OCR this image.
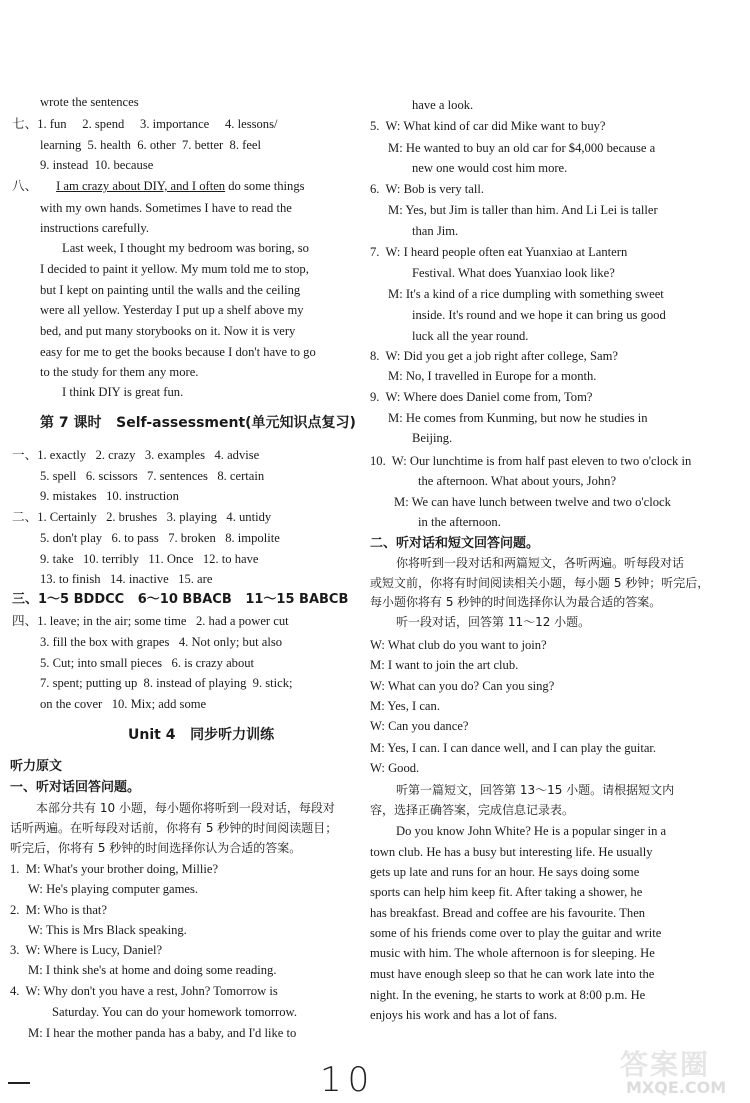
wrote the sentences
七、1. fun     2. spend     3. importance     4. lessons/
learning  5. health  6. other  7. better  8. feel
9. instead  10. because
八、      I am crazy about DIY, and I often do some things
with my own hands. Sometimes I have to read the
instructions carefully.
Last week, I thought my bedroom was boring, so
I decided to paint it yellow. My mum told me to stop,
but I kept on painting until the walls and the ceiling
were all yellow. Yesterday I put up a shelf above my
bed, and put many storybooks on it. Now it is very
easy for me to get the books because I don't have to go
to the study for them any more.
I think DIY is great fun.
第 7 课时   Self-assessment(单元知识点复习)
一、1. exactly   2. crazy   3. examples   4. advise
5. spell   6. scissors   7. sentences   8. certain
9. mistakes   10. instruction
二、1. Certainly   2. brushes   3. playing   4. untidy
5. don't play   6. to pass   7. broken   8. impolite
9. take   10. terribly   11. Once   12. to have
13. to finish   14. inactive   15. are
三、1～5 BDDCC   6～10 BBACB   11～15 BABCB
四、1. leave; in the air; some time   2. had a power cut
3. fill the box with grapes   4. Not only; but also
5. Cut; into small pieces   6. is crazy about
7. spent; putting up  8. instead of playing  9. stick;
on the cover   10. Mix; add some
Unit 4   同步听力训练
听力原文
一、听对话回答问题。
本部分共有 10 小题，每小题你将听到一段对话，每段对
话听两遍。在听每段对话前，你将有 5 秒钟的时间阅读题目；
听完后，你将有 5 秒钟的时间选择你认为合适的答案。
1.  M: What's your brother doing, Millie?
W: He's playing computer games.
2.  M: Who is that?
W: This is Mrs Black speaking.
3.  W: Where is Lucy, Daniel?
M: I think she's at home and doing some reading.
4.  W: Why don't you have a rest, John? Tomorrow is
Saturday. You can do your homework tomorrow.
M: I hear the mother panda has a baby, and I'd like to
have a look.
5.  W: What kind of car did Mike want to buy?
M: He wanted to buy an old car for $4,000 because a
new one would cost him more.
6.  W: Bob is very tall.
M: Yes, but Jim is taller than him. And Li Lei is taller
than Jim.
7.  W: I heard people often eat Yuanxiao at Lantern
Festival. What does Yuanxiao look like?
M: It's a kind of a rice dumpling with something sweet
inside. It's round and we hope it can bring us good
luck all the year round.
8.  W: Did you get a job right after college, Sam?
M: No, I travelled in Europe for a month.
9.  W: Where does Daniel come from, Tom?
M: He comes from Kunming, but now he studies in
Beijing.
10.  W: Our lunchtime is from half past eleven to two o'clock in
the afternoon. What about yours, John?
M: We can have lunch between twelve and two o'clock
in the afternoon.
二、听对话和短文回答问题。
你将听到一段对话和两篇短文，各听两遍。听每段对话
或短文前，你将有时间阅读相关小题，每小题 5 秒钟；听完后，
每小题你将有 5 秒钟的时间选择你认为最合适的答案。
听一段对话，回答第 11～12 小题。
W: What club do you want to join?
M: I want to join the art club.
W: What can you do? Can you sing?
M: Yes, I can.
W: Can you dance?
M: Yes, I can. I can dance well, and I can play the guitar.
W: Good.
听第一篇短文，回答第 13～15 小题。请根据短文内
容，选择正确答案，完成信息记录表。
Do you know John White? He is a popular singer in a
town club. He has a busy but interesting life. He usually
gets up late and runs for an hour. He says doing some
sports can help him keep fit. After taking a shower, he
has breakfast. Bread and coffee are his favourite. Then
some of his friends come over to play the guitar and write
music with him. The whole afternoon is for sleeping. He
must have enough sleep so that he can work late into the
night. In the evening, he starts to work at 8:00 p.m. He
enjoys his work and has a lot of fans.
10	答案圈
MXQE.COM
